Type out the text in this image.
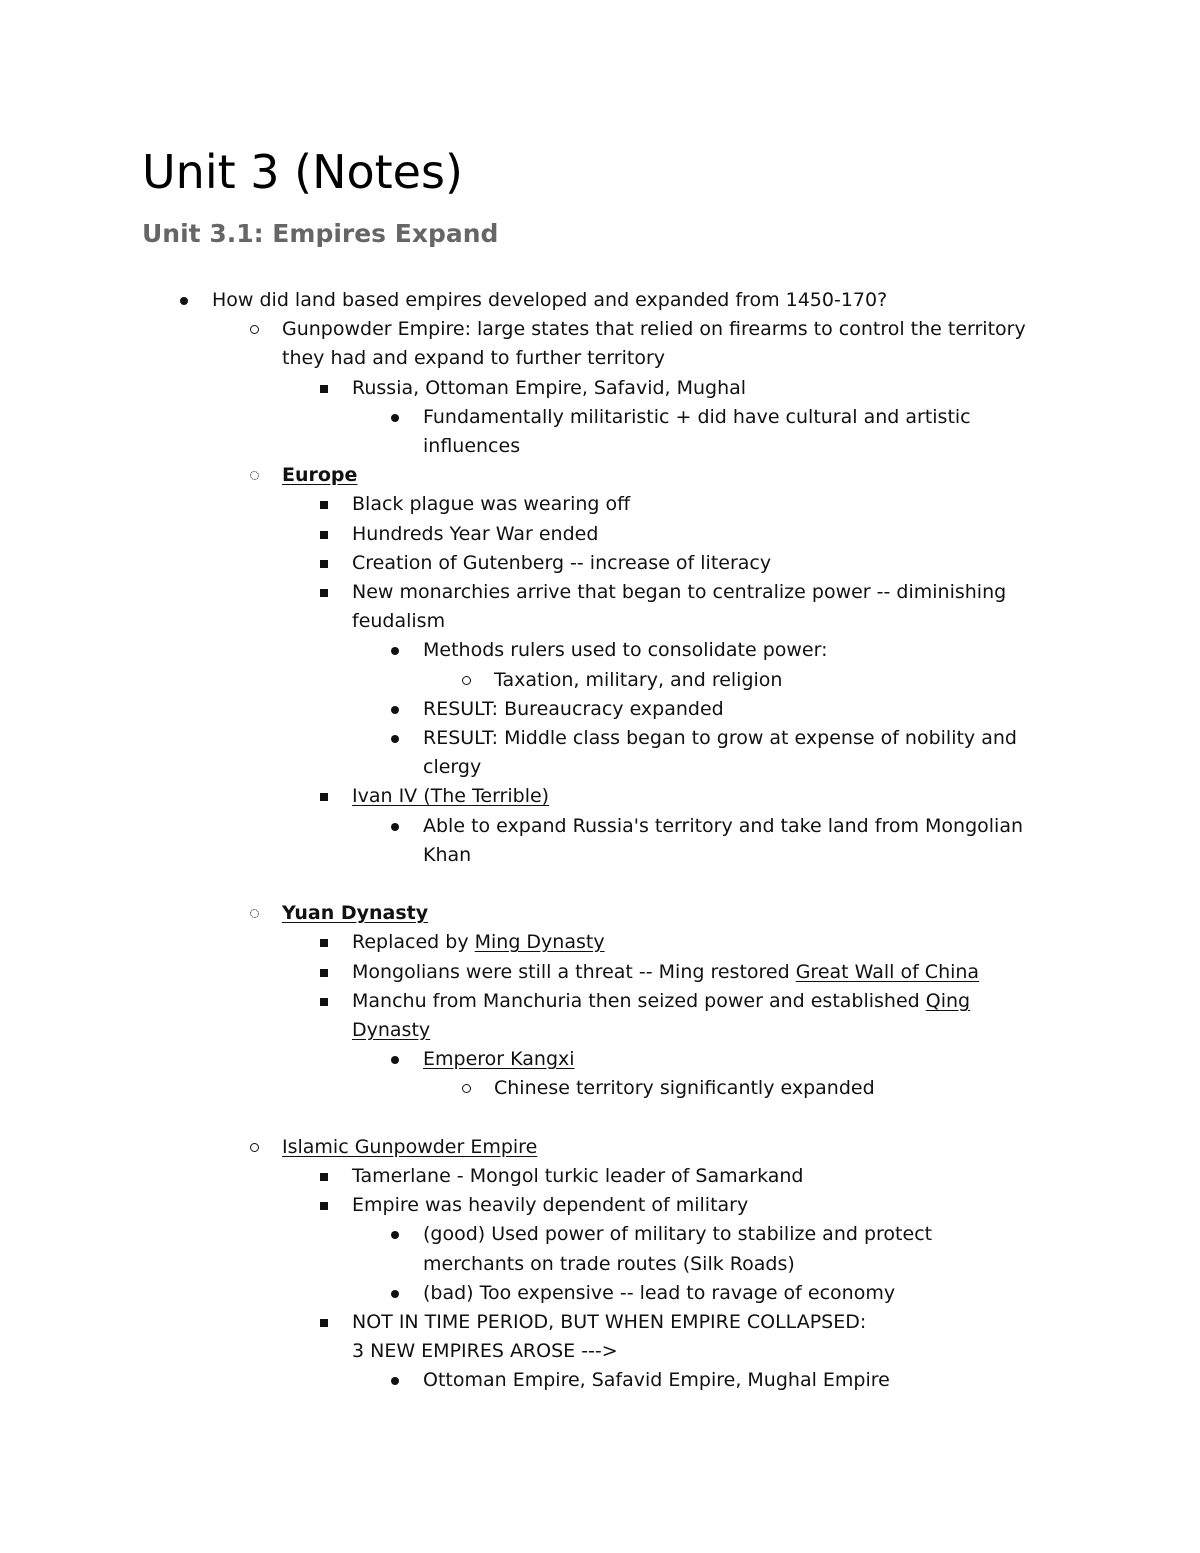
Unit 3 (Notes)
Unit 3.1: Empires Expand
How did land based empires developed and expanded from 1450-170?
Gunpowder Empire: large states that relied on firearms to control the territory
they had and expand to further territory
Russia, Ottoman Empire, Safavid, Mughal
Fundamentally militaristic + did have cultural and artistic
influences
Europe
Black plague was wearing off
Hundreds Year War ended
Creation of Gutenberg -- increase of literacy
New monarchies arrive that began to centralize power -- diminishing
feudalism
Methods rulers used to consolidate power:
Taxation, military, and religion
RESULT: Bureaucracy expanded
RESULT: Middle class began to grow at expense of nobility and
clergy
Ivan IV (The Terrible)
Able to expand Russia's territory and take land from Mongolian
Khan
Yuan Dynasty
Replaced by Ming Dynasty
Mongolians were still a threat -- Ming restored Great Wall of China
Manchu from Manchuria then seized power and established Qing
Dynasty
Emperor Kangxi
Chinese territory significantly expanded
Islamic Gunpowder Empire
Tamerlane - Mongol turkic leader of Samarkand
Empire was heavily dependent of military
(good) Used power of military to stabilize and protect
merchants on trade routes (Silk Roads)
(bad) Too expensive -- lead to ravage of economy
NOT IN TIME PERIOD, BUT WHEN EMPIRE COLLAPSED:
3 NEW EMPIRES AROSE --->
Ottoman Empire, Safavid Empire, Mughal Empire
